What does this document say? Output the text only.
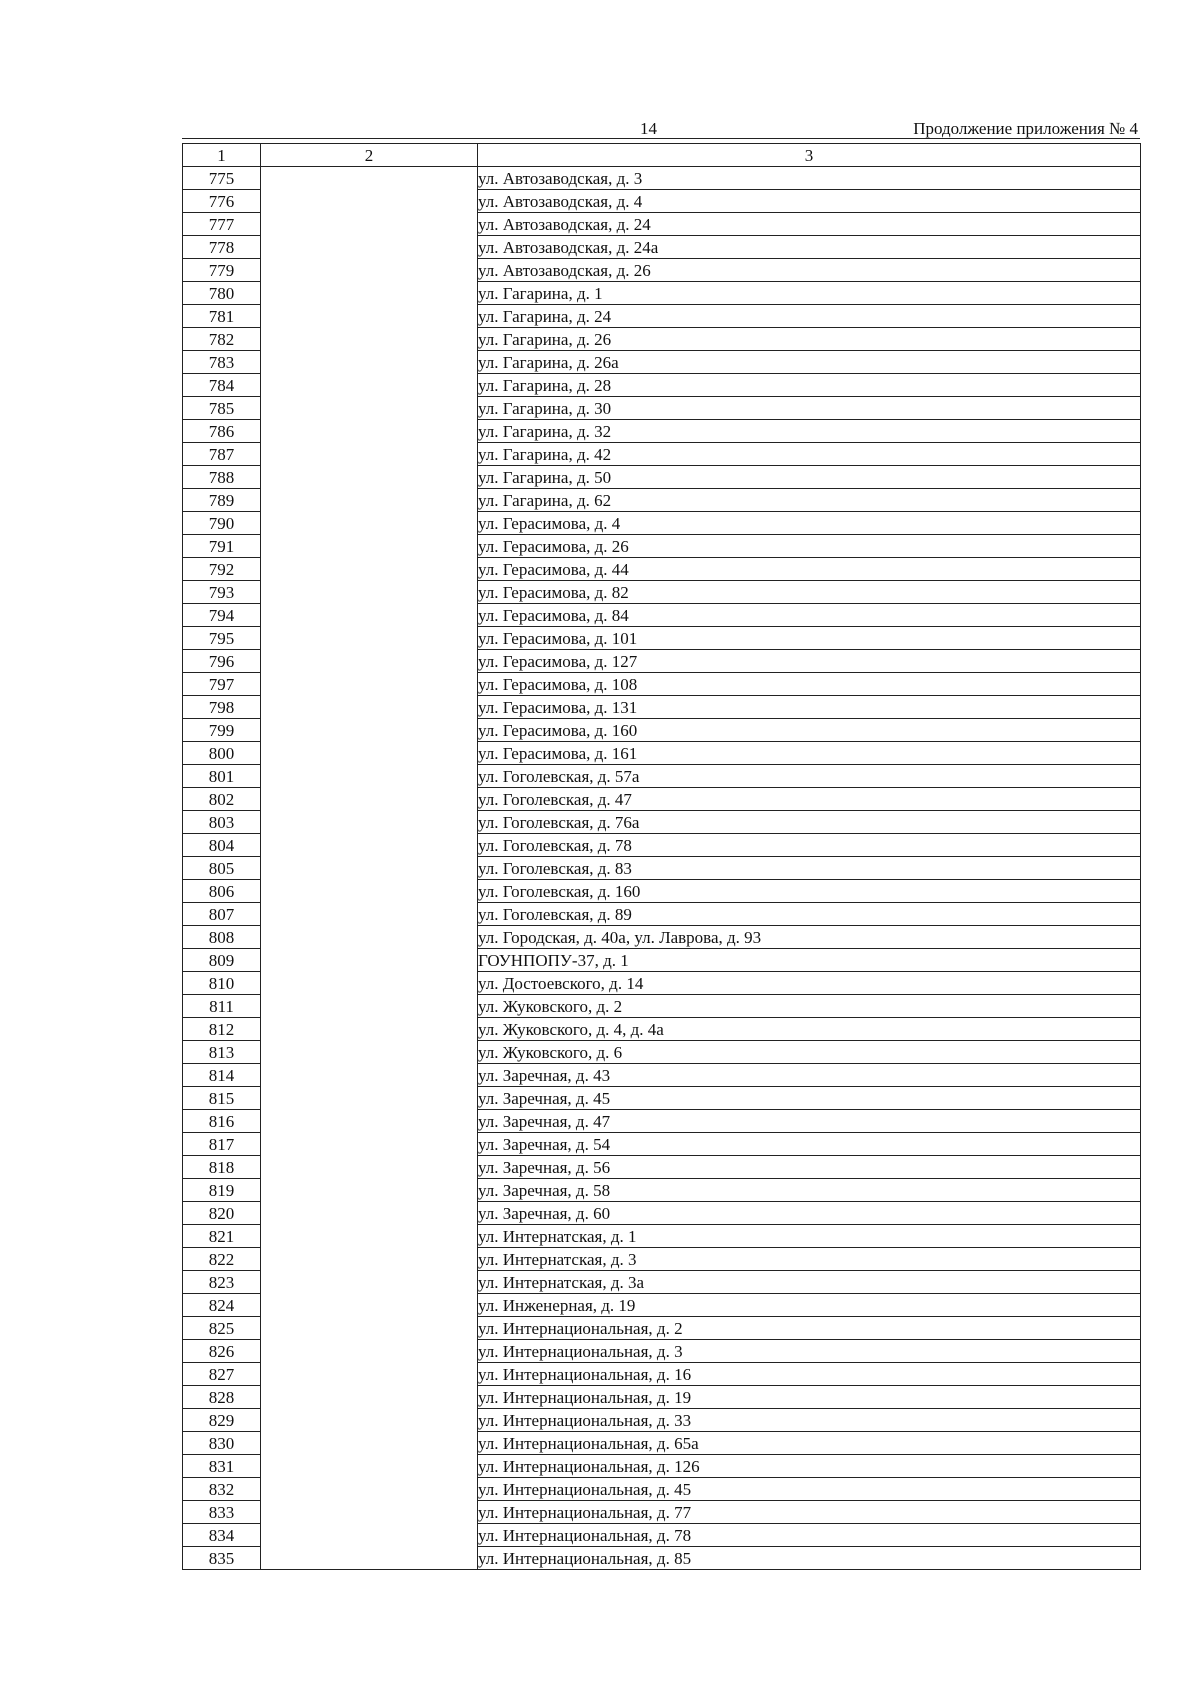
14	Продолжение приложения № 4
1	2	3
775		ул. Автозаводская, д. 3
776		ул. Автозаводская, д. 4
777		ул. Автозаводская, д. 24
778		ул. Автозаводская, д. 24а
779		ул. Автозаводская, д. 26
780		ул. Гагарина, д. 1
781		ул. Гагарина, д. 24
782		ул. Гагарина, д. 26
783		ул. Гагарина, д. 26а
784		ул. Гагарина, д. 28
785		ул. Гагарина, д. 30
786		ул. Гагарина, д. 32
787		ул. Гагарина, д. 42
788		ул. Гагарина, д. 50
789		ул. Гагарина, д. 62
790		ул. Герасимова, д. 4
791		ул. Герасимова, д. 26
792		ул. Герасимова, д. 44
793		ул. Герасимова, д. 82
794		ул. Герасимова, д. 84
795		ул. Герасимова, д. 101
796		ул. Герасимова, д. 127
797		ул. Герасимова, д. 108
798		ул. Герасимова, д. 131
799		ул. Герасимова, д. 160
800		ул. Герасимова, д. 161
801		ул. Гоголевская, д. 57а
802		ул. Гоголевская, д. 47
803		ул. Гоголевская, д. 76а
804		ул. Гоголевская, д. 78
805		ул. Гоголевская, д. 83
806		ул. Гоголевская, д. 160
807		ул. Гоголевская, д. 89
808		ул. Городская, д. 40а, ул. Лаврова, д. 93
809		ГОУНПОПУ-37, д. 1
810		ул. Достоевского, д. 14
811		ул. Жуковского, д. 2
812		ул. Жуковского, д. 4, д. 4а
813		ул. Жуковского, д. 6
814		ул. Заречная, д. 43
815		ул. Заречная, д. 45
816		ул. Заречная, д. 47
817		ул. Заречная, д. 54
818		ул. Заречная, д. 56
819		ул. Заречная, д. 58
820		ул. Заречная, д. 60
821		ул. Интернатская, д. 1
822		ул. Интернатская, д. 3
823		ул. Интернатская, д. 3а
824		ул. Инженерная, д. 19
825		ул. Интернациональная, д. 2
826		ул. Интернациональная, д. 3
827		ул. Интернациональная, д. 16
828		ул. Интернациональная, д. 19
829		ул. Интернациональная, д. 33
830		ул. Интернациональная, д. 65а
831		ул. Интернациональная, д. 126
832		ул. Интернациональная, д. 45
833		ул. Интернациональная, д. 77
834		ул. Интернациональная, д. 78
835		ул. Интернациональная, д. 85
